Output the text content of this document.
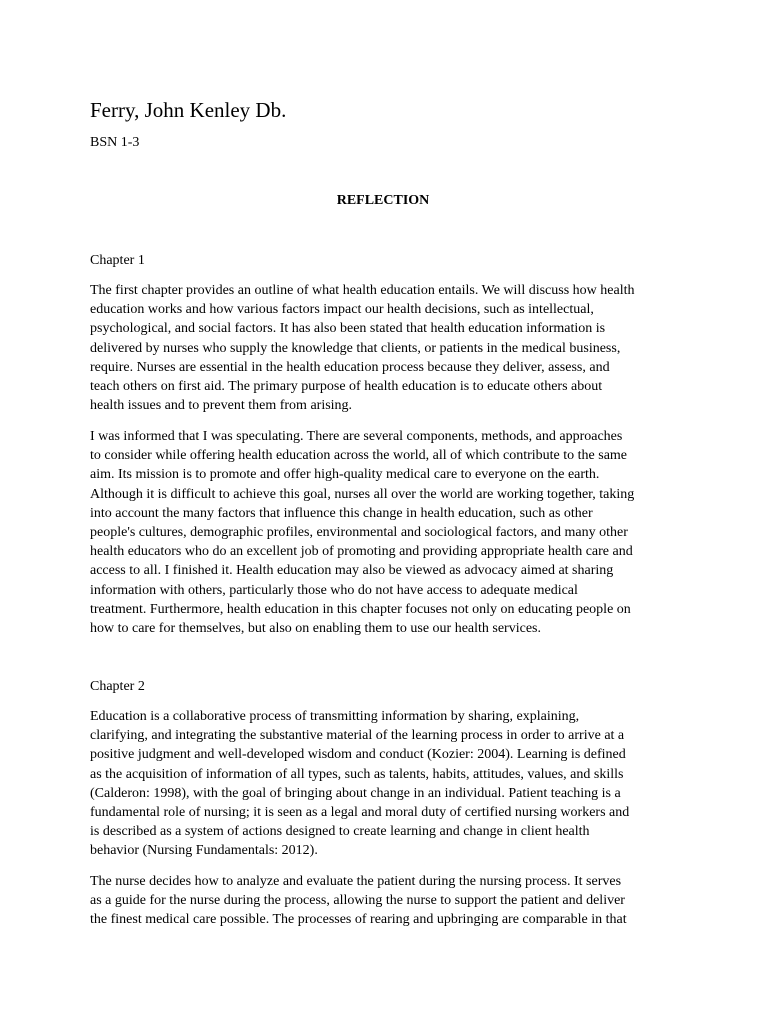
Ferry, John Kenley Db.
BSN 1-3
REFLECTION
Chapter 1

The first chapter provides an outline of what health education entails. We will discuss how health
education works and how various factors impact our health decisions, such as intellectual,
psychological, and social factors. It has also been stated that health education information is
delivered by nurses who supply the knowledge that clients, or patients in the medical business,
require. Nurses are essential in the health education process because they deliver, assess, and
teach others on first aid. The primary purpose of health education is to educate others about
health issues and to prevent them from arising.

I was informed that I was speculating. There are several components, methods, and approaches
to consider while offering health education across the world, all of which contribute to the same
aim. Its mission is to promote and offer high-quality medical care to everyone on the earth.
Although it is difficult to achieve this goal, nurses all over the world are working together, taking
into account the many factors that influence this change in health education, such as other
people's cultures, demographic profiles, environmental and sociological factors, and many other
health educators who do an excellent job of promoting and providing appropriate health care and
access to all. I finished it. Health education may also be viewed as advocacy aimed at sharing
information with others, particularly those who do not have access to adequate medical
treatment. Furthermore, health education in this chapter focuses not only on educating people on
how to care for themselves, but also on enabling them to use our health services.

Chapter 2

Education is a collaborative process of transmitting information by sharing, explaining,
clarifying, and integrating the substantive material of the learning process in order to arrive at a
positive judgment and well-developed wisdom and conduct (Kozier: 2004). Learning is defined
as the acquisition of information of all types, such as talents, habits, attitudes, values, and skills
(Calderon: 1998), with the goal of bringing about change in an individual. Patient teaching is a
fundamental role of nursing; it is seen as a legal and moral duty of certified nursing workers and
is described as a system of actions designed to create learning and change in client health
behavior (Nursing Fundamentals: 2012).

The nurse decides how to analyze and evaluate the patient during the nursing process. It serves
as a guide for the nurse during the process, allowing the nurse to support the patient and deliver
the finest medical care possible. The processes of rearing and upbringing are comparable in that
